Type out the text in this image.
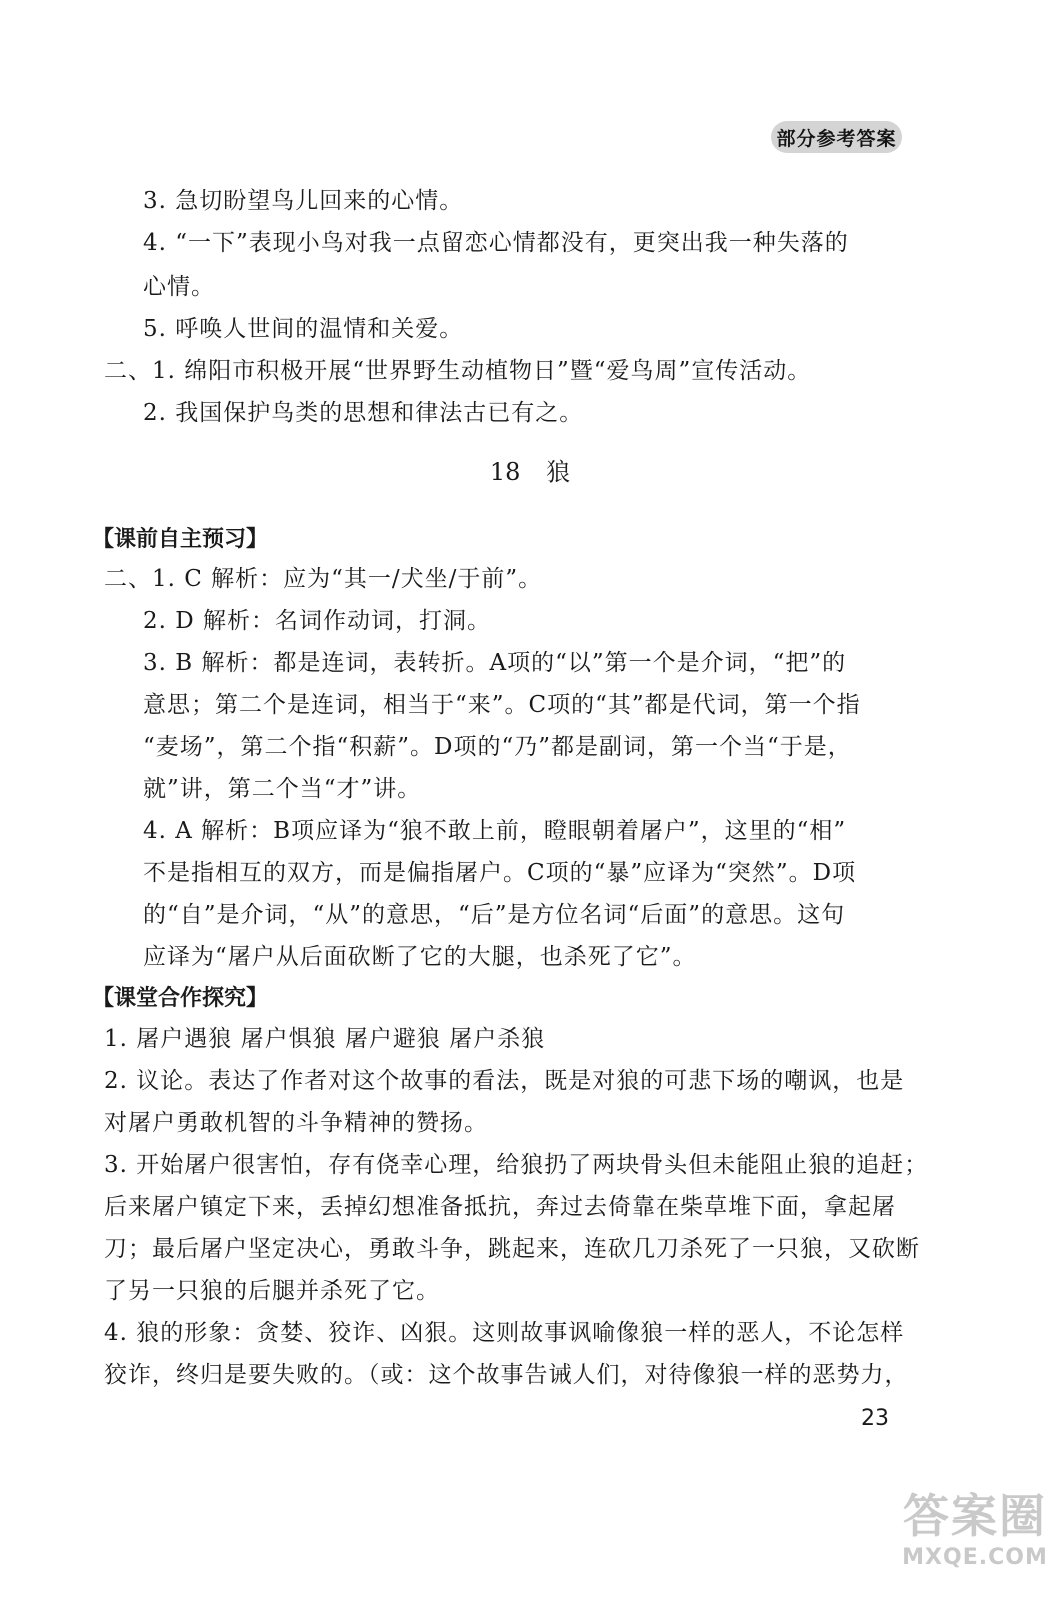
部分参考答案
3. 急切盼望鸟儿回来的心情。
4. “一下”表现小鸟对我一点留恋心情都没有，更突出我一种失落的
心情。
5. 呼唤人世间的温情和关爱。
二、1. 绵阳市积极开展“世界野生动植物日”暨“爱鸟周”宣传活动。
2. 我国保护鸟类的思想和律法古已有之。
18 狼
【课前自主预习】
二、1. C 解析：应为“其一/犬坐/于前”。
2. D 解析：名词作动词，打洞。
3. B 解析：都是连词，表转折。A项的“以”第一个是介词，“把”的
意思；第二个是连词，相当于“来”。C项的“其”都是代词，第一个指
“麦场”，第二个指“积薪”。D项的“乃”都是副词，第一个当“于是，
就”讲，第二个当“才”讲。
4. A 解析：B项应译为“狼不敢上前，瞪眼朝着屠户”，这里的“相”
不是指相互的双方，而是偏指屠户。C项的“暴”应译为“突然”。D项
的“自”是介词，“从”的意思，“后”是方位名词“后面”的意思。这句
应译为“屠户从后面砍断了它的大腿，也杀死了它”。
【课堂合作探究】
1. 屠户遇狼 屠户惧狼 屠户避狼 屠户杀狼
2. 议论。表达了作者对这个故事的看法，既是对狼的可悲下场的嘲讽，也是
对屠户勇敢机智的斗争精神的赞扬。
3. 开始屠户很害怕，存有侥幸心理，给狼扔了两块骨头但未能阻止狼的追赶；
后来屠户镇定下来，丢掉幻想准备抵抗，奔过去倚靠在柴草堆下面，拿起屠
刀；最后屠户坚定决心，勇敢斗争，跳起来，连砍几刀杀死了一只狼，又砍断
了另一只狼的后腿并杀死了它。
4. 狼的形象：贪婪、狡诈、凶狠。这则故事讽喻像狼一样的恶人，不论怎样
狡诈，终归是要失败的。（或：这个故事告诫人们，对待像狼一样的恶势力，
23
答案圈
MXQE.COM
